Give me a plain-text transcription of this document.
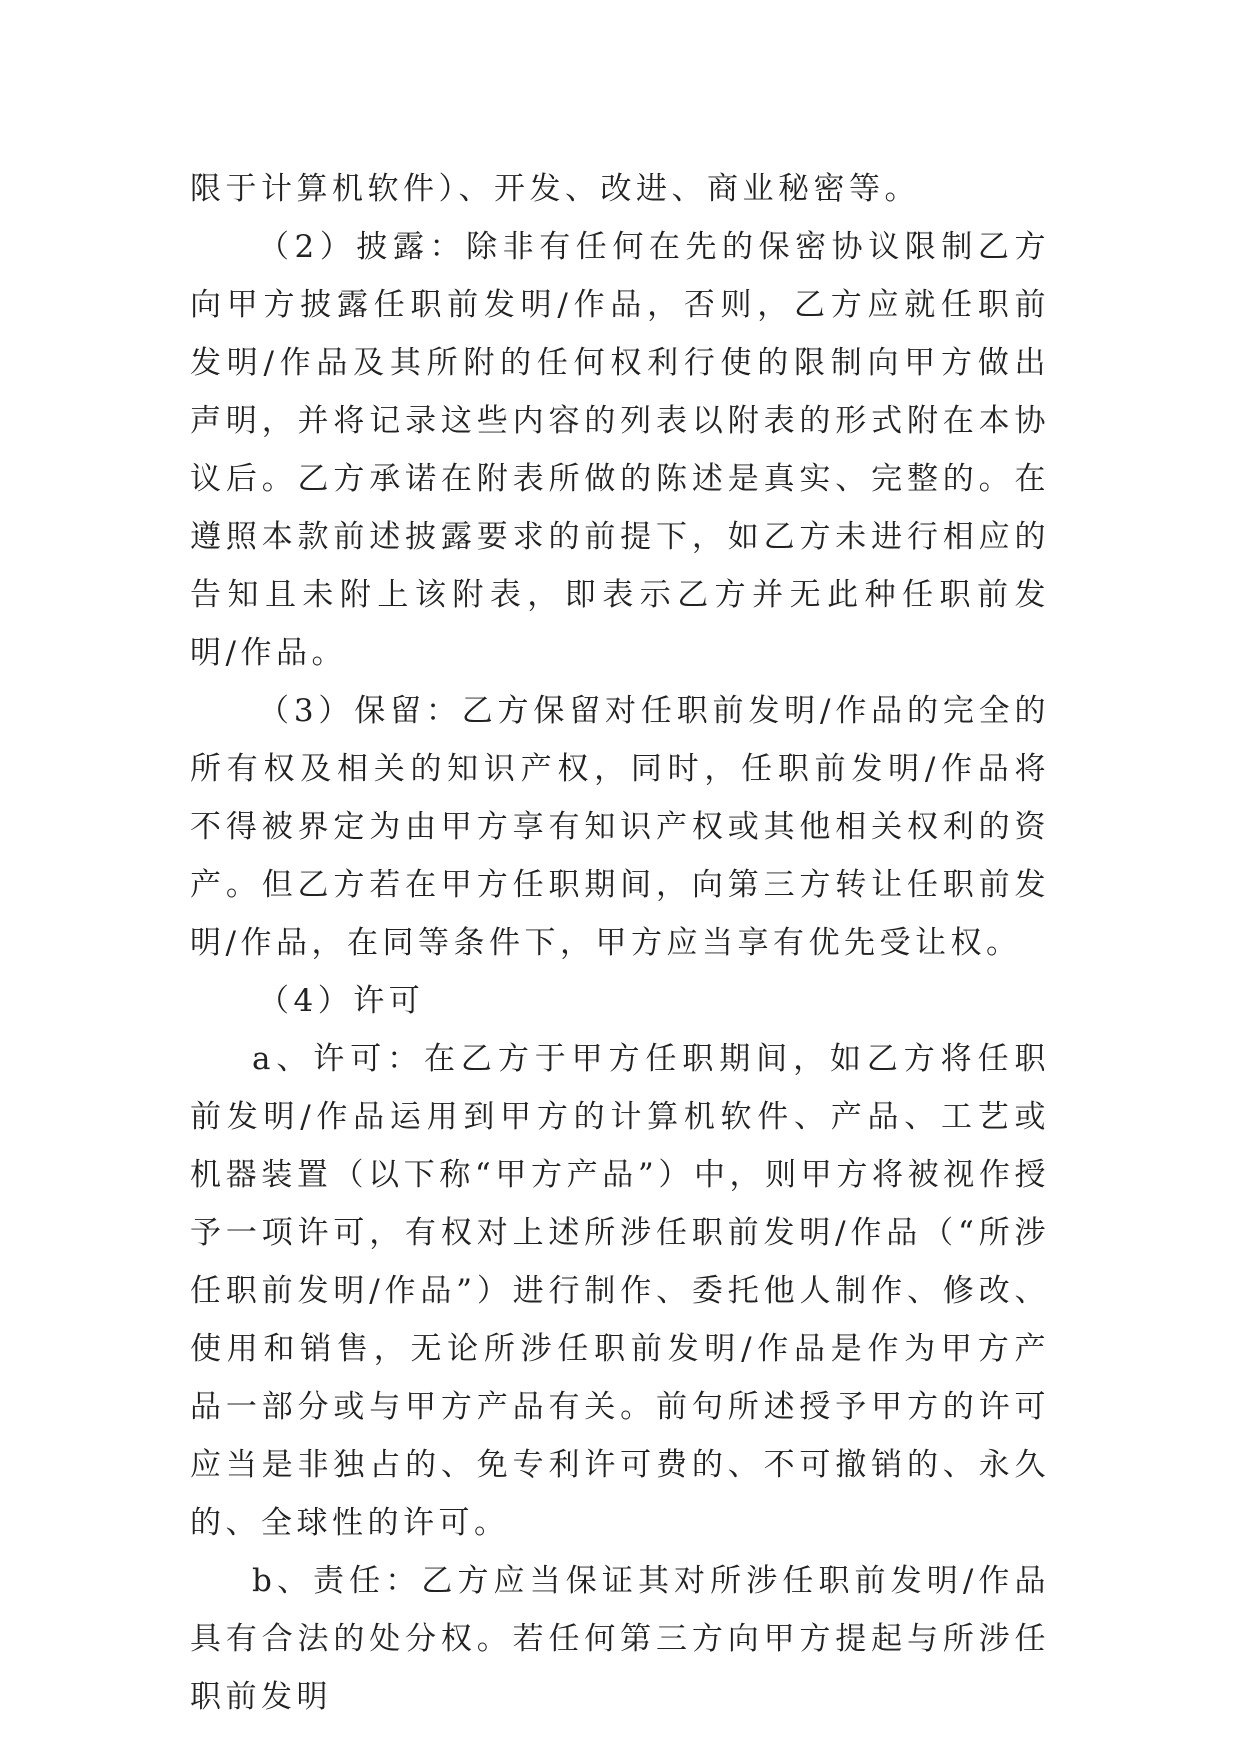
限于计算机软件）、开发、改进、商业秘密等。

（2）披露：除非有任何在先的保密协议限制乙方向甲方披露任职前发明/作品，否则，乙方应就任职前发明/作品及其所附的任何权利行使的限制向甲方做出声明，并将记录这些内容的列表以附表的形式附在本协议后。乙方承诺在附表所做的陈述是真实、完整的。在遵照本款前述披露要求的前提下，如乙方未进行相应的告知且未附上该附表，即表示乙方并无此种任职前发明/作品。

（3）保留：乙方保留对任职前发明/作品的完全的所有权及相关的知识产权，同时，任职前发明/作品将不得被界定为由甲方享有知识产权或其他相关权利的资产。但乙方若在甲方任职期间，向第三方转让任职前发明/作品，在同等条件下，甲方应当享有优先受让权。

（4）许可

a、许可：在乙方于甲方任职期间，如乙方将任职前发明/作品运用到甲方的计算机软件、产品、工艺或机器装置（以下称“甲方产品”）中，则甲方将被视作授予一项许可，有权对上述所涉任职前发明/作品（“所涉任职前发明/作品”）进行制作、委托他人制作、修改、使用和销售，无论所涉任职前发明/作品是作为甲方产品一部分或与甲方产品有关。前句所述授予甲方的许可应当是非独占的、免专利许可费的、不可撤销的、永久的、全球性的许可。

b、责任：乙方应当保证其对所涉任职前发明/作品具有合法的处分权。若任何第三方向甲方提起与所涉任职前发明
